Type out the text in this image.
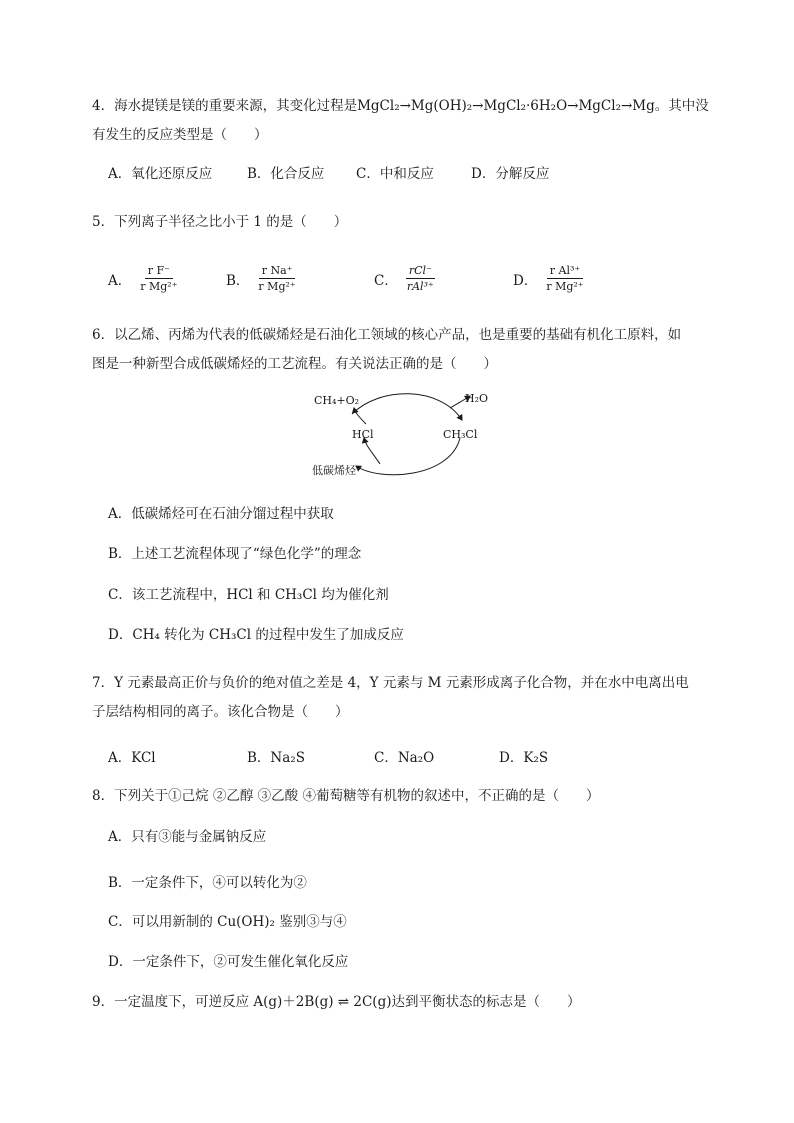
4．海水提镁是镁的重要来源，其变化过程是MgCl₂→Mg(OH)₂→MgCl₂·6H₂O→MgCl₂→Mg。其中没
有发生的反应类型是（　　）
A．氧化还原反应	B．化合反应 C．中和反应	D．分解反应
5．下列离子半径之比小于 1 的是（　　）
A． $\frac{\text{r F⁻}}{\text{r Mg²⁺}}$	B． $\frac{\text{r Na⁺}}{\text{r Mg²⁺}}$	C． $\frac{\text{rCl⁻}}{\text{rAl³⁺}}$	D． $\frac{\text{r Al³⁺}}{\text{r Mg²⁺}}$
6．以乙烯、丙烯为代表的低碳烯烃是石油化工领域的核心产品，也是重要的基础有机化工原料，如
图是一种新型合成低碳烯烃的工艺流程。有关说法正确的是（　　）
CH₄+O₂	H₂O
HCl	CH₃Cl
低碳烯烃
A．低碳烯烃可在石油分馏过程中获取
B．上述工艺流程体现了“绿色化学”的理念
C．该工艺流程中，HCl 和 CH₃Cl 均为催化剂
D．CH₄ 转化为 CH₃Cl 的过程中发生了加成反应
7．Y 元素最高正价与负价的绝对值之差是 4，Y 元素与 M 元素形成离子化合物，并在水中电离出电
子层结构相同的离子。该化合物是（　　）
A．KCl	B．Na₂S	C．Na₂O	D．K₂S
8．下列关于①己烷 ②乙醇 ③乙酸 ④葡萄糖等有机物的叙述中，不正确的是（　　）
A．只有③能与金属钠反应
B．一定条件下，④可以转化为②
C．可以用新制的 Cu(OH)₂ 鉴别③与④
D．一定条件下，②可发生催化氧化反应
9．一定温度下，可逆反应 A(g)＋2B(g) ⇌ 2C(g)达到平衡状态的标志是（　　）
